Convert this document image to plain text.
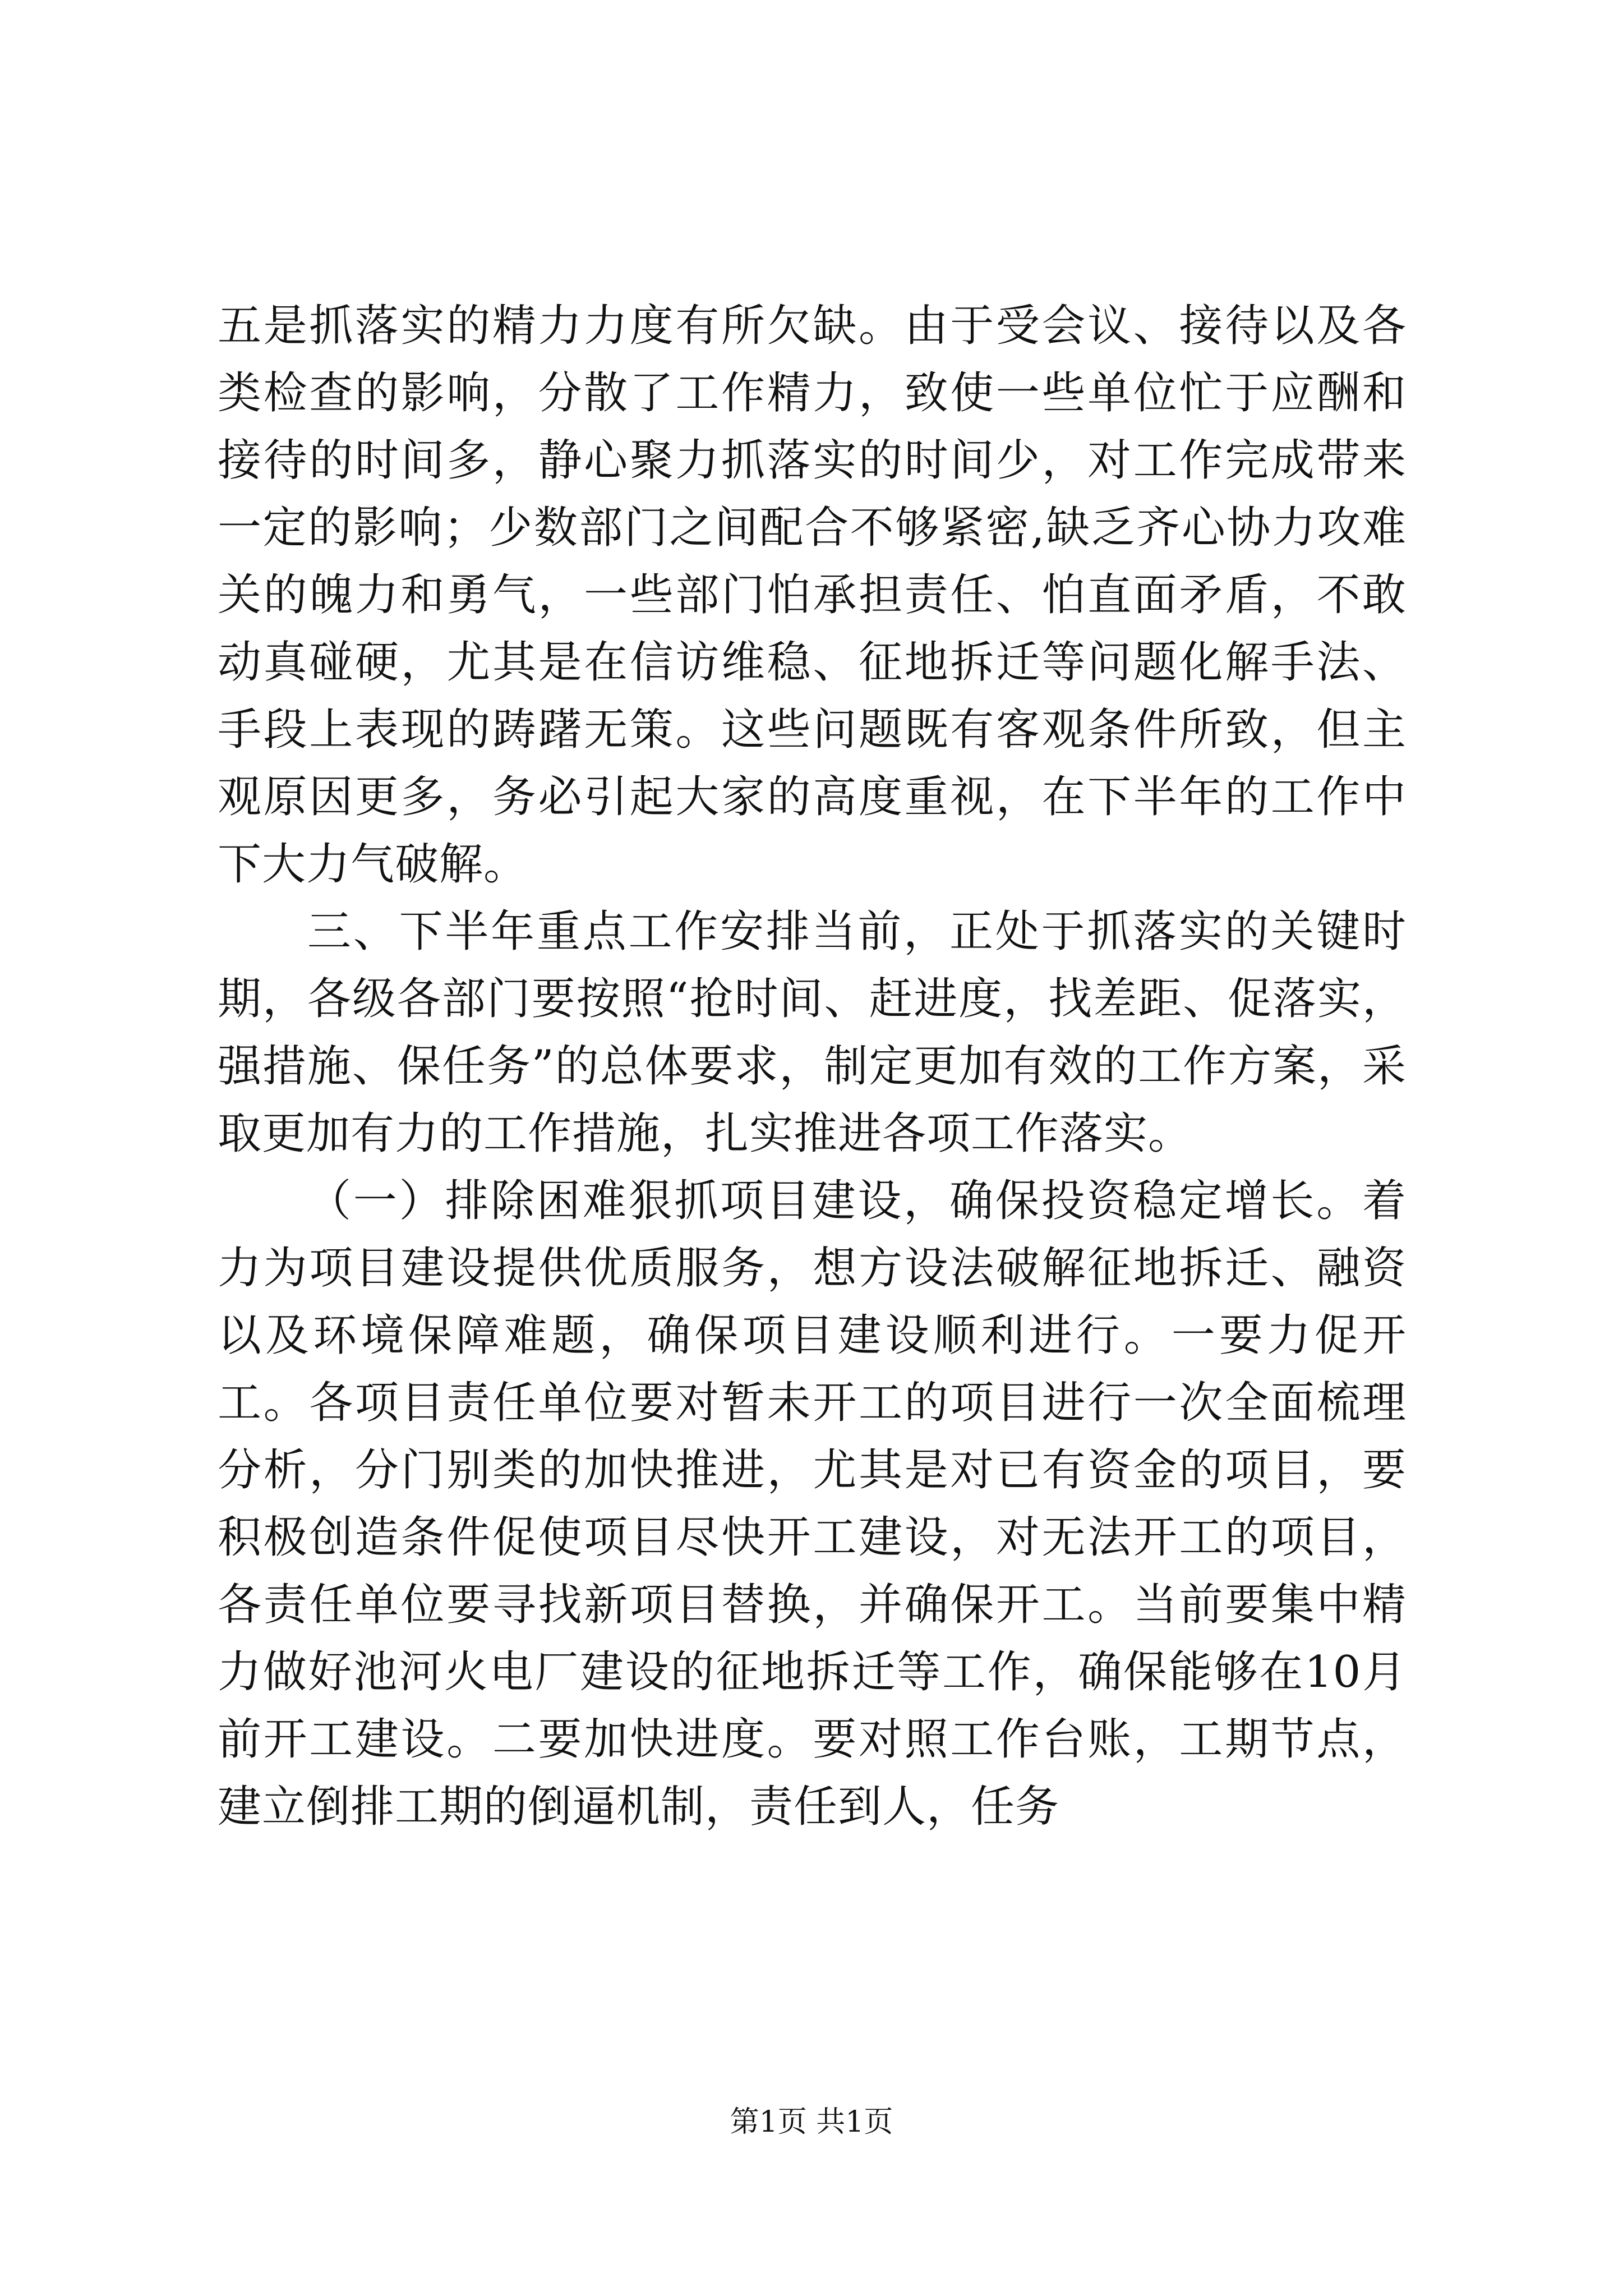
五是抓落实的精力力度有所欠缺。由于受会议、接待以及各类检查的影响，分散了工作精力，致使一些单位忙于应酬和接待的时间多，静心聚力抓落实的时间少，对工作完成带来一定的影响；少数部门之间配合不够紧密,缺乏齐心协力攻难关的魄力和勇气，一些部门怕承担责任、怕直面矛盾，不敢动真碰硬，尤其是在信访维稳、征地拆迁等问题化解手法、手段上表现的踌躇无策。这些问题既有客观条件所致，但主观原因更多，务必引起大家的高度重视，在下半年的工作中下大力气破解。

三、下半年重点工作安排当前，正处于抓落实的关键时期，各级各部门要按照“抢时间、赶进度，找差距、促落实，强措施、保任务”的总体要求，制定更加有效的工作方案，采取更加有力的工作措施，扎实推进各项工作落实。

（一）排除困难狠抓项目建设，确保投资稳定增长。着力为项目建设提供优质服务，想方设法破解征地拆迁、融资以及环境保障难题，确保项目建设顺利进行。一要力促开工。各项目责任单位要对暂未开工的项目进行一次全面梳理分析，分门别类的加快推进，尤其是对已有资金的项目，要积极创造条件促使项目尽快开工建设，对无法开工的项目，各责任单位要寻找新项目替换，并确保开工。当前要集中精力做好池河火电厂建设的征地拆迁等工作，确保能够在10月前开工建设。二要加快进度。要对照工作台账，工期节点，建立倒排工期的倒逼机制，责任到人，任务

第1页 共1页
